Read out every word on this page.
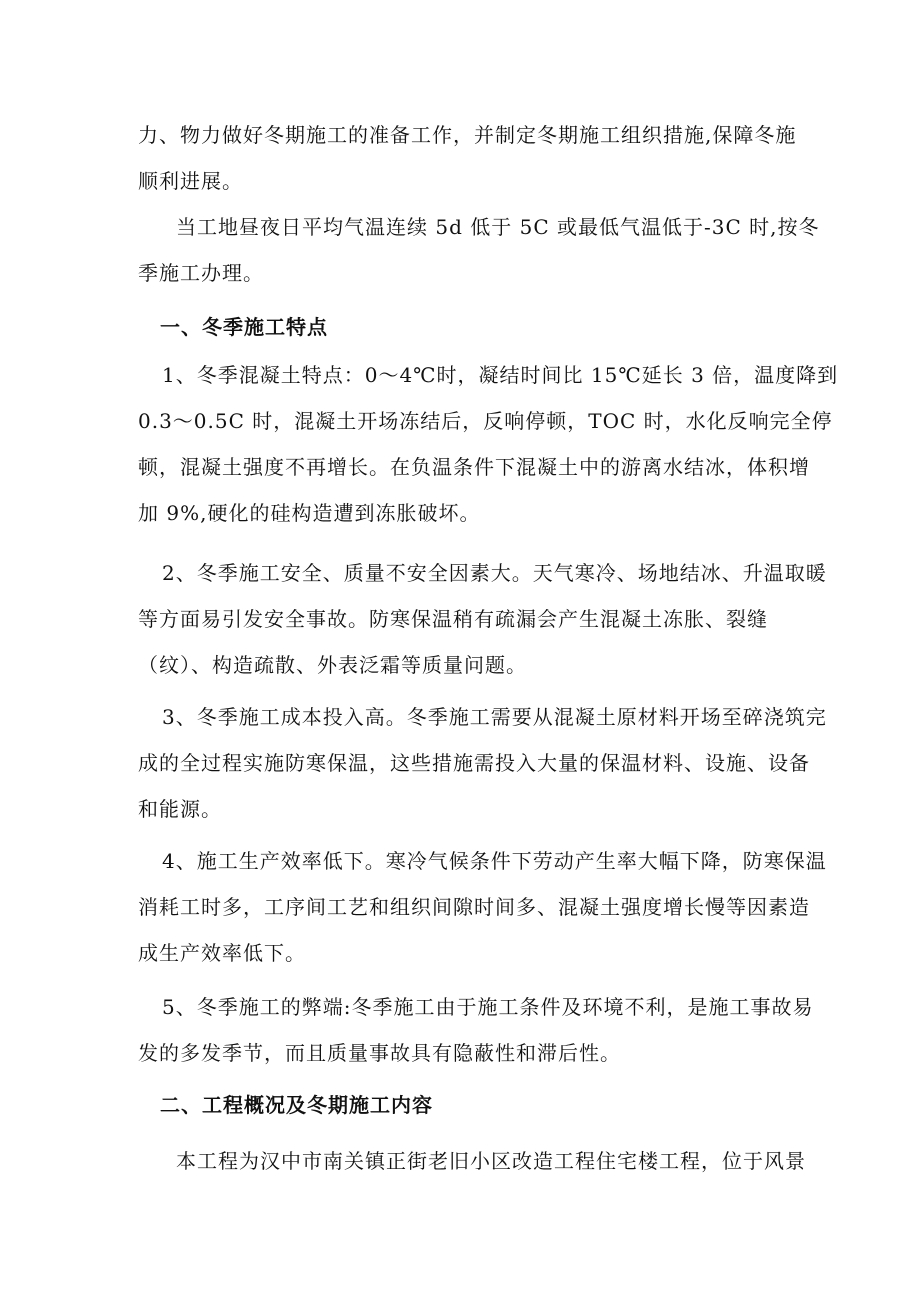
力、物力做好冬期施工的准备工作，并制定冬期施工组织措施,保障冬施
顺利进展。
当工地昼夜日平均气温连续 5d 低于 5C 或最低气温低于-3C 时,按冬
季施工办理。
一、冬季施工特点
1、冬季混凝土特点：0～4℃时，凝结时间比 15℃延长 3 倍，温度降到
0.3～0.5C 时，混凝土开场冻结后，反响停顿，TOC 时，水化反响完全停
顿，混凝土强度不再增长。在负温条件下混凝土中的游离水结冰，体积增
加 9%,硬化的硅构造遭到冻胀破坏。
2、冬季施工安全、质量不安全因素大。天气寒冷、场地结冰、升温取暖
等方面易引发安全事故。防寒保温稍有疏漏会产生混凝土冻胀、裂缝
（纹）、构造疏散、外表泛霜等质量问题。
3、冬季施工成本投入高。冬季施工需要从混凝土原材料开场至碎浇筑完
成的全过程实施防寒保温，这些措施需投入大量的保温材料、设施、设备
和能源。
4、施工生产效率低下。寒冷气候条件下劳动产生率大幅下降，防寒保温
消耗工时多，工序间工艺和组织间隙时间多、混凝土强度增长慢等因素造
成生产效率低下。
5、冬季施工的弊端:冬季施工由于施工条件及环境不利，是施工事故易
发的多发季节，而且质量事故具有隐蔽性和滞后性。
二、工程概况及冬期施工内容
本工程为汉中市南关镇正街老旧小区改造工程住宅楼工程，位于风景
